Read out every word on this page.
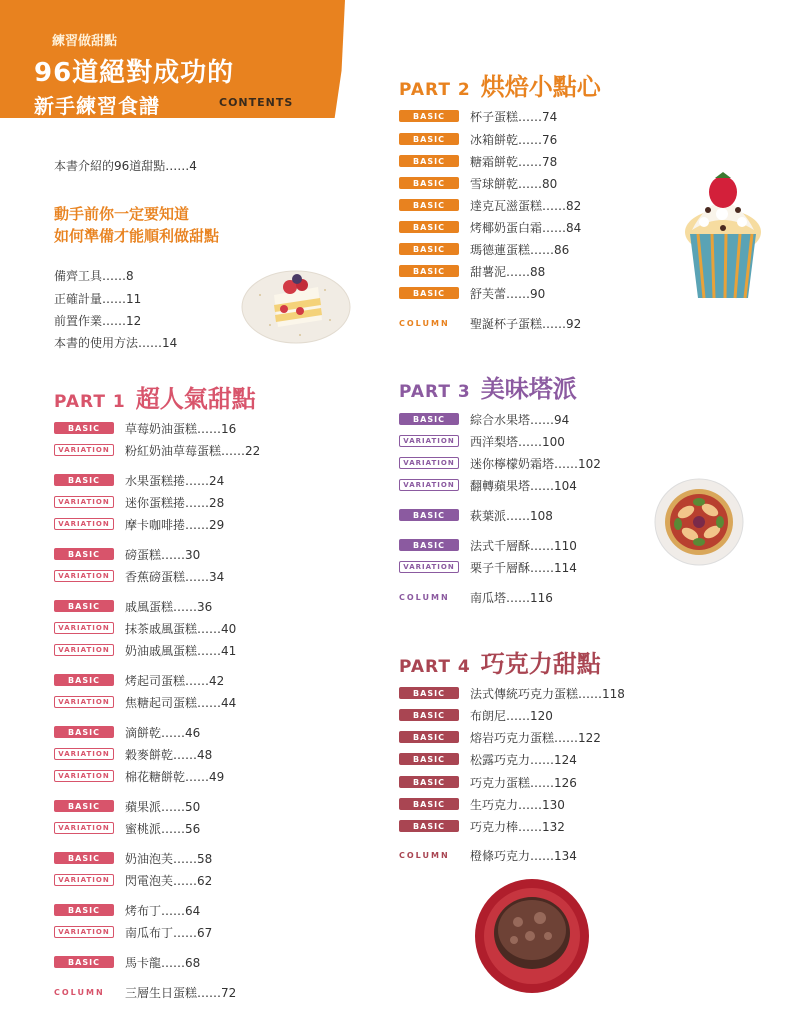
練習做甜點
96道絕對成功的
新手練習食譜	CONTENTS
本書介紹的96道甜點……4
動手前你一定要知道
如何準備才能順利做甜點
備齊工具……8
正確計量……11
前置作業……12
本書的使用方法……14
PART 1 超人氣甜點
PART 2 烘焙小點心
PART 3 美味塔派
PART 4 巧克力甜點
BASIC	草莓奶油蛋糕……16
VARIATION	粉紅奶油草莓蛋糕……22
BASIC	水果蛋糕捲……24
VARIATION	迷你蛋糕捲……28
VARIATION	摩卡咖啡捲……29
BASIC	磅蛋糕……30
VARIATION	香蕉磅蛋糕……34
BASIC	戚風蛋糕……36
VARIATION	抹茶戚風蛋糕……40
VARIATION	奶油戚風蛋糕……41
BASIC	烤起司蛋糕……42
VARIATION	焦糖起司蛋糕……44
BASIC	滴餅乾……46
VARIATION	穀麥餅乾……48
VARIATION	棉花糖餅乾……49
BASIC	蘋果派……50
VARIATION	蜜桃派……56
BASIC	奶油泡芙……58
VARIATION	閃電泡芙……62
BASIC	烤布丁……64
VARIATION	南瓜布丁……67
BASIC	馬卡龍……68
COLUMN	三層生日蛋糕……72
BASIC	杯子蛋糕……74
BASIC	冰箱餅乾……76
BASIC	糖霜餅乾……78
BASIC	雪球餅乾……80
BASIC	達克瓦滋蛋糕……82
BASIC	烤椰奶蛋白霜……84
BASIC	瑪德蓮蛋糕……86
BASIC	甜薯泥……88
BASIC	舒芙蕾……90
COLUMN	聖誕杯子蛋糕……92
BASIC	綜合水果塔……94
VARIATION	西洋梨塔……100
VARIATION	迷你檸檬奶霜塔……102
VARIATION	翻轉蘋果塔……104
BASIC	萩葉派……108
BASIC	法式千層酥……110
VARIATION	栗子千層酥……114
COLUMN	南瓜塔……116
BASIC	法式傳統巧克力蛋糕……118
BASIC	布朗尼……120
BASIC	熔岩巧克力蛋糕……122
BASIC	松露巧克力……124
BASIC	巧克力蛋糕……126
BASIC	生巧克力……130
BASIC	巧克力棒……132
COLUMN	橙條巧克力……134
